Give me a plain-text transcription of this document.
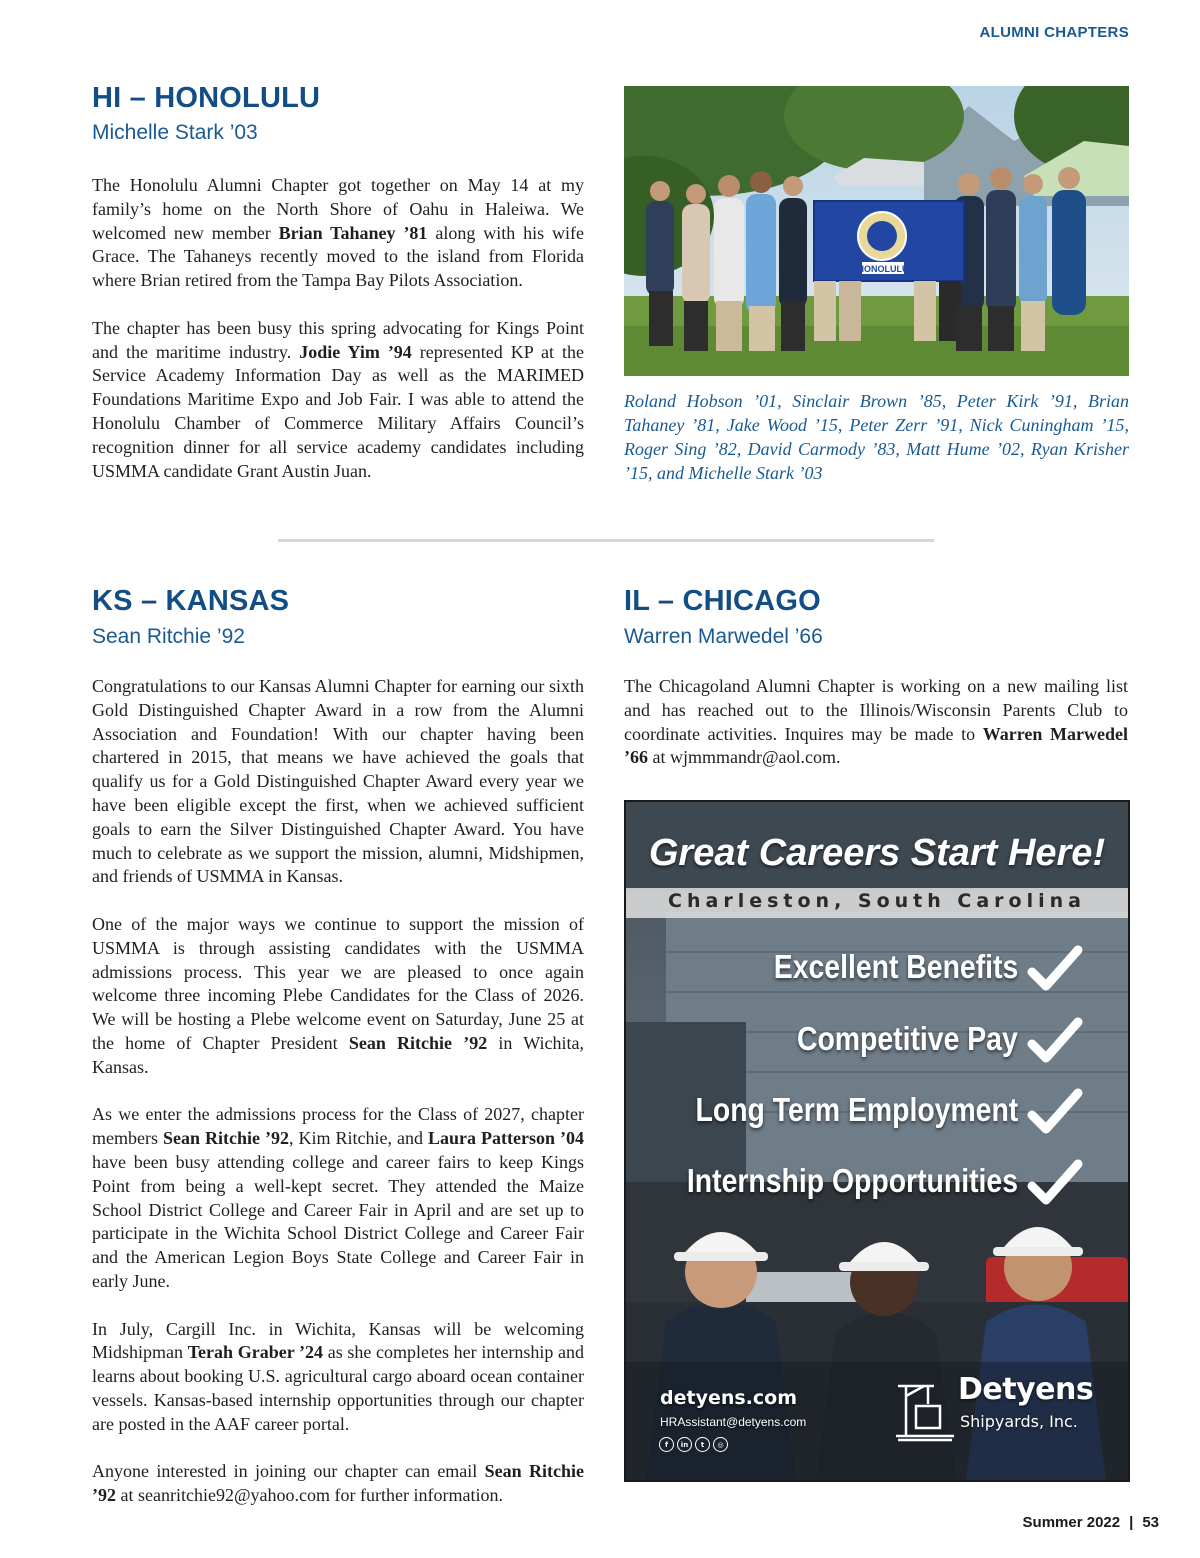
ALUMNI CHAPTERS
HI – HONOLULU
Michelle Stark ’03

The Honolulu Alumni Chapter got together on May 14 at my family’s home on the North Shore of Oahu in Haleiwa. We welcomed new member Brian Tahaney ’81 along with his wife Grace. The Tahaneys recently moved to the island from Florida where Brian retired from the Tampa Bay Pilots Association.

The chapter has been busy this spring advocating for Kings Point and the maritime industry. Jodie Yim ’94 represented KP at the Service Academy Information Day as well as the MARIMED Foundations Maritime Expo and Job Fair. I was able to attend the Honolulu Chamber of Commerce Military Affairs Council’s recognition dinner for all service academy candidates including USMMA candidate Grant Austin Juan.

HONOLULU

Roland Hobson ’01, Sinclair Brown ’85, Peter Kirk ’91, Brian Tahaney ’81, Jake Wood ’15, Peter Zerr ’91, Nick Cuningham ’15, Roger Sing ’82, David Carmody ’83, Matt Hume ’02, Ryan Krisher ’15, and Michelle Stark ’03

KS – KANSAS
Sean Ritchie ’92

Congratulations to our Kansas Alumni Chapter for earning our sixth Gold Distinguished Chapter Award in a row from the Alumni Association and Foundation! With our chapter having been chartered in 2015, that means we have achieved the goals that qualify us for a Gold Distinguished Chapter Award every year we have been eligible except the first, when we achieved sufficient goals to earn the Silver Distinguished Chapter Award. You have much to celebrate as we support the mission, alumni, Midshipmen, and friends of USMMA in Kansas.

One of the major ways we continue to support the mission of USMMA is through assisting candidates with the USMMA admissions process. This year we are pleased to once again welcome three incoming Plebe Candidates for the Class of 2026. We will be hosting a Plebe welcome event on Saturday, June 25 at the home of Chapter President Sean Ritchie ’92 in Wichita, Kansas.

As we enter the admissions process for the Class of 2027, chapter members Sean Ritchie ’92, Kim Ritchie, and Laura Patterson ’04 have been busy attending college and career fairs to keep Kings Point from being a well-kept secret. They attended the Maize School District College and Career Fair in April and are set up to participate in the Wichita School District College and Career Fair and the American Legion Boys State College and Career Fair in early June.

In July, Cargill Inc. in Wichita, Kansas will be welcoming Midshipman Terah Graber ’24 as she completes her internship and learns about booking U.S. agricultural cargo aboard ocean container vessels. Kansas-based internship opportunities through our chapter are posted in the AAF career portal.

Anyone interested in joining our chapter can email Sean Ritchie ’92 at seanritchie92@yahoo.com for further information.

IL – CHICAGO
Warren Marwedel ’66

The Chicagoland Alumni Chapter is working on a new mailing list and has reached out to the Illinois/Wisconsin Parents Club to coordinate activities. Inquires may be made to Warren Marwedel ’66 at wjmmmandr@aol.com.

Great Careers Start Here!
Charleston, South Carolina
Excellent Benefits
Competitive Pay
Long Term Employment
Internship Opportunities
detyens.com
HRAssistant@detyens.com
f	in	t	◎
Detyens
Shipyards, Inc.
Summer 2022 | 53
